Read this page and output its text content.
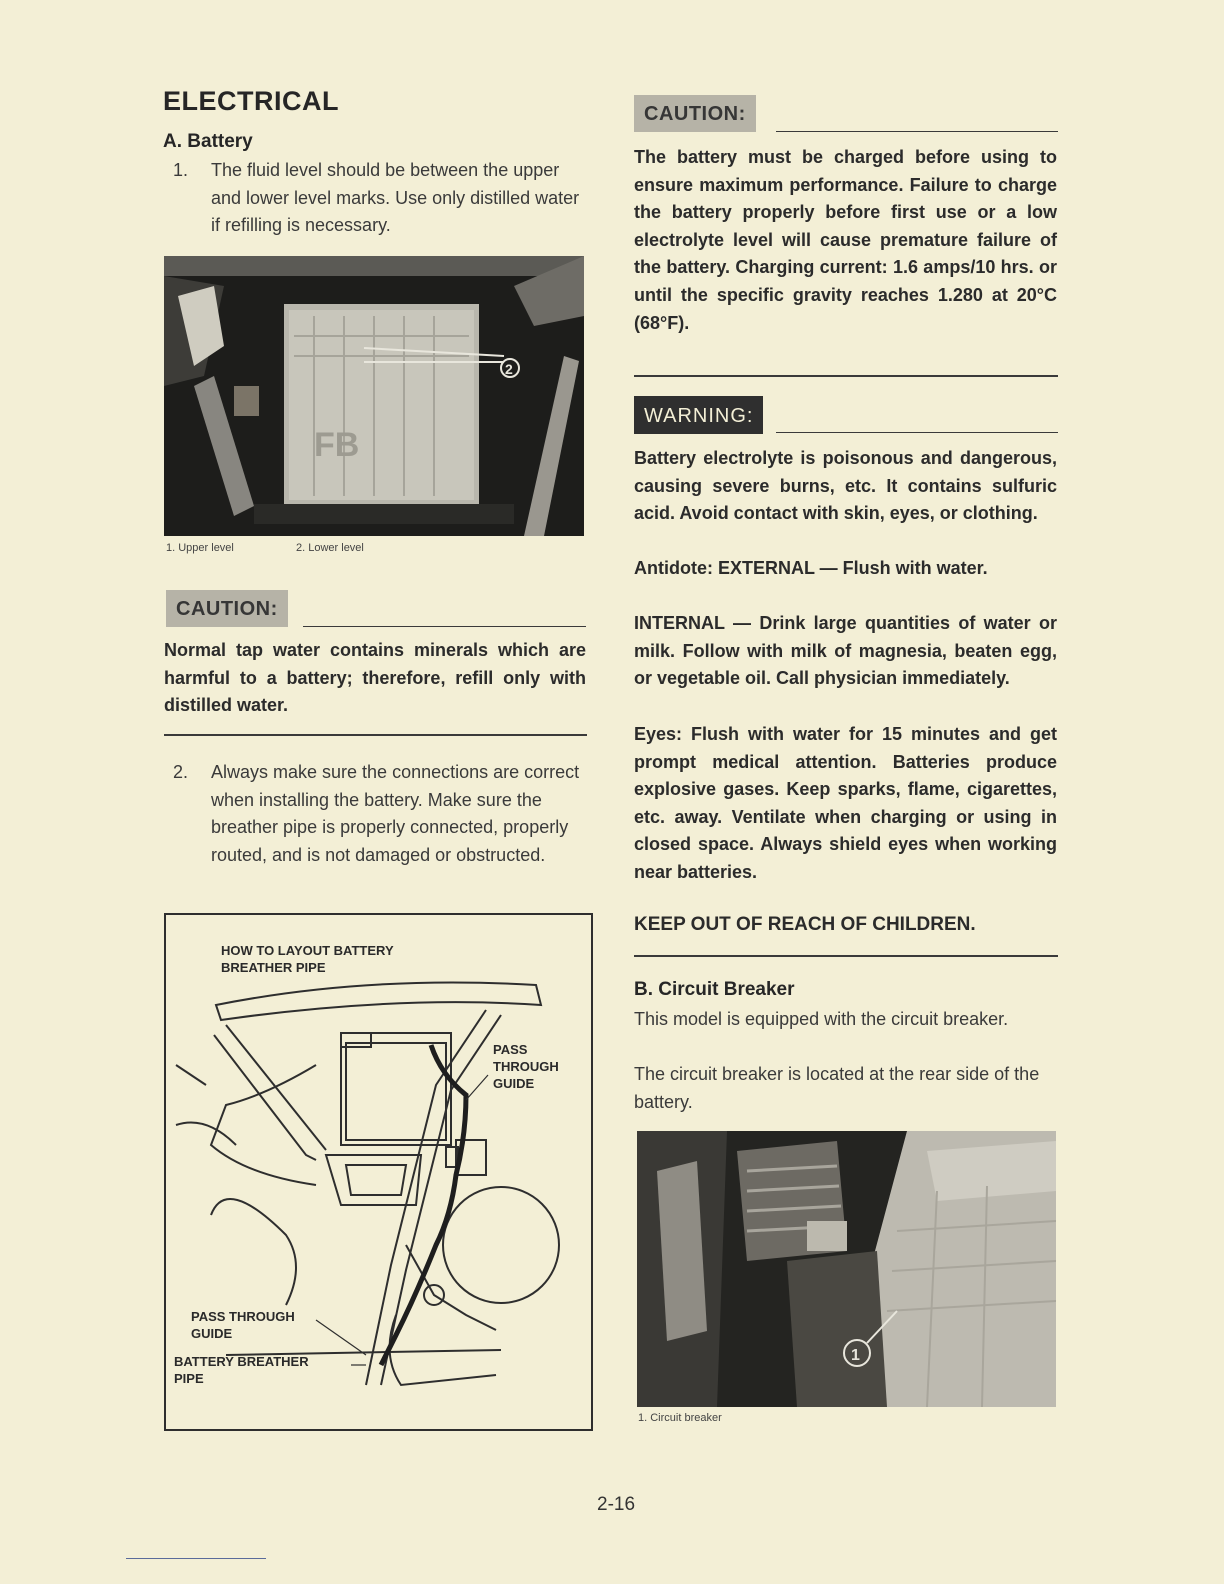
ELECTRICAL
A. Battery
1.	The fluid level should be between the upper and lower level marks. Use only distilled water if refilling is necessary.
FB
2
1. Upper level	2. Lower level
CAUTION:
Normal tap water contains minerals which are harmful to a battery; therefore, refill only with distilled water.
2.	Always make sure the connections are correct when installing the battery. Make sure the breather pipe is properly connected, properly routed, and is not damaged or obstructed.
HOW TO LAYOUT BATTERY
BREATHER PIPE
PASS
THROUGH
GUIDE
PASS THROUGH
GUIDE
BATTERY BREATHER
PIPE
CAUTION:
The battery must be charged before using to ensure maximum performance. Failure to charge the battery properly before first use or a low electrolyte level will cause premature failure of the battery. Charging current: 1.6 amps/10 hrs. or until the specific gravity reaches 1.280 at 20°C (68°F).
WARNING:
Battery electrolyte is poisonous and dangerous, causing severe burns, etc. It contains sulfuric acid. Avoid contact with skin, eyes, or clothing.
Antidote: EXTERNAL — Flush with water.
INTERNAL — Drink large quantities of water or milk. Follow with milk of magnesia, beaten egg, or vegetable oil. Call physician immediately.
Eyes: Flush with water for 15 minutes and get prompt medical attention. Batteries produce explosive gases. Keep sparks, flame, cigarettes, etc. away. Ventilate when charging or using in closed space. Always shield eyes when working near batteries.
KEEP OUT OF REACH OF CHILDREN.
B. Circuit Breaker
This model is equipped with the circuit breaker.
The circuit breaker is located at the rear side of the battery.
1
1. Circuit breaker
2-16
